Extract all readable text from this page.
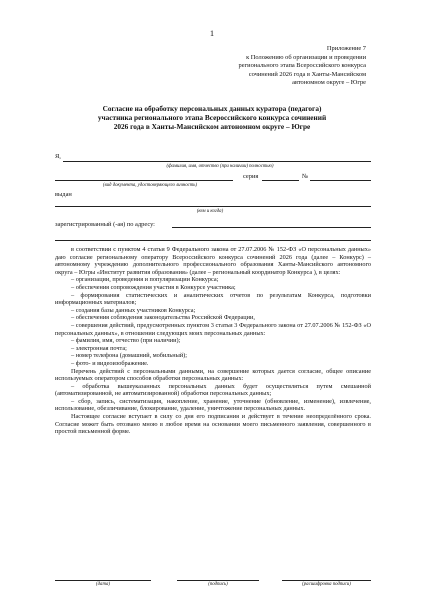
1
Приложение 7
к Положению об организации и проведении
регионального этапа Всероссийского конкурса
сочинений 2026 года в Ханты-Мансийском
автономном округе – Югре
Согласие на обработку персональных данных куратора (педагога)
участника регионального этапа Всероссийского конкурса сочинений
2026 года в Ханты-Мансийском автономном округе – Югре
Я,
(фамилия, имя, отчество (при наличии) полностью)
серия	№
(вид документа, удостоверяющего личность)
выдан
(кем и когда)
зарегистрированный (-ая) по адресу:

в соответствии с пунктом 4 статьи 9 Федерального закона от 27.07.2006 № 152-ФЗ «О персональных данных» даю согласие региональному оператору Всероссийского конкурса сочинений 2026 года (далее – Конкурс) – автономному учреждению дополнительного профессионального образования Ханты-Мансийского автономного округа – Югры «Институт развития образования» (далее – региональный координатор Конкурса ), в целях:

– организации, проведения и популяризации Конкурса;

– обеспечения сопровождения участия в Конкурсе участника;

– формирования статистических и аналитических отчетов по результатам Конкурса, подготовки информационных материалов;

– создания базы данных участников Конкурса;

– обеспечения соблюдения законодательства Российской Федерации,

– совершения действий, предусмотренных пунктом 3 статьи 3 Федерального закона от 27.07.2006 № 152-ФЗ «О персональных данных», в отношении следующих моих персональных данных:

– фамилия, имя, отчество (при наличии);

– электронная почта;

– номер телефона (домашний, мобильный);

– фото- и видеоизображение.

Перечень действий с персональными данными, на совершение которых дается согласие, общее описание используемых оператором способов обработки персональных данных:

– обработка вышеуказанных персональных данных будет осуществляться путем смешанной (автоматизированной, не автоматизированной) обработки персональных данных;

– сбор, запись, систематизация, накопление, хранение, уточнение (обновление, изменение), извлечение, использование, обезличивание, блокирование, удаление, уничтожение персональных данных.

Настоящее согласие вступает в силу со дня его подписания и действует в течение неопределённого срока. Согласие может быть отозвано мною в любое время на основании моего письменного заявления, совершенного в простой письменной форме.

(дата)	(подпись)	(расшифровка подписи)
